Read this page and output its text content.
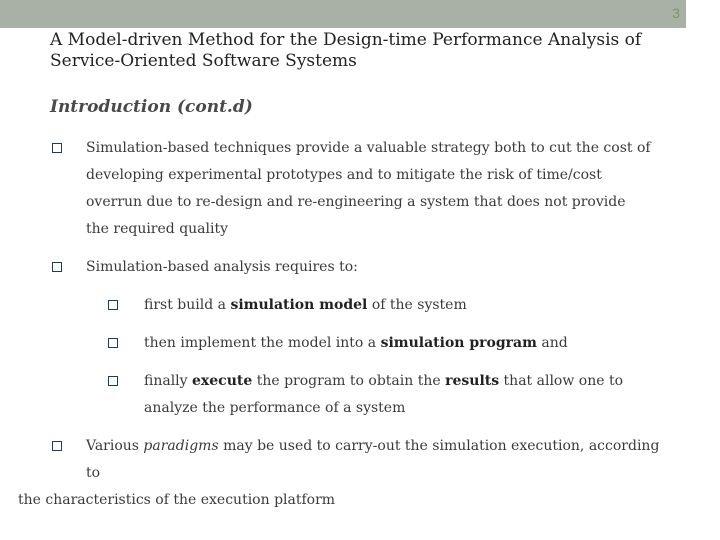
3
A Model-driven Method for the Design-time Performance Analysis of Service-Oriented Software Systems
Introduction (cont.d)
Simulation-based techniques provide a valuable strategy both to cut the cost of developing experimental prototypes and to mitigate the risk of time/cost overrun due to re-design and re-engineering a system that does not provide the required quality
Simulation-based analysis requires to:
first build a simulation model of the system
then implement the model into a simulation program and
finally execute the program to obtain the results that allow one to analyze the performance of a system
Various paradigms may be used to carry-out the simulation execution, according to
the characteristics of the execution platform
